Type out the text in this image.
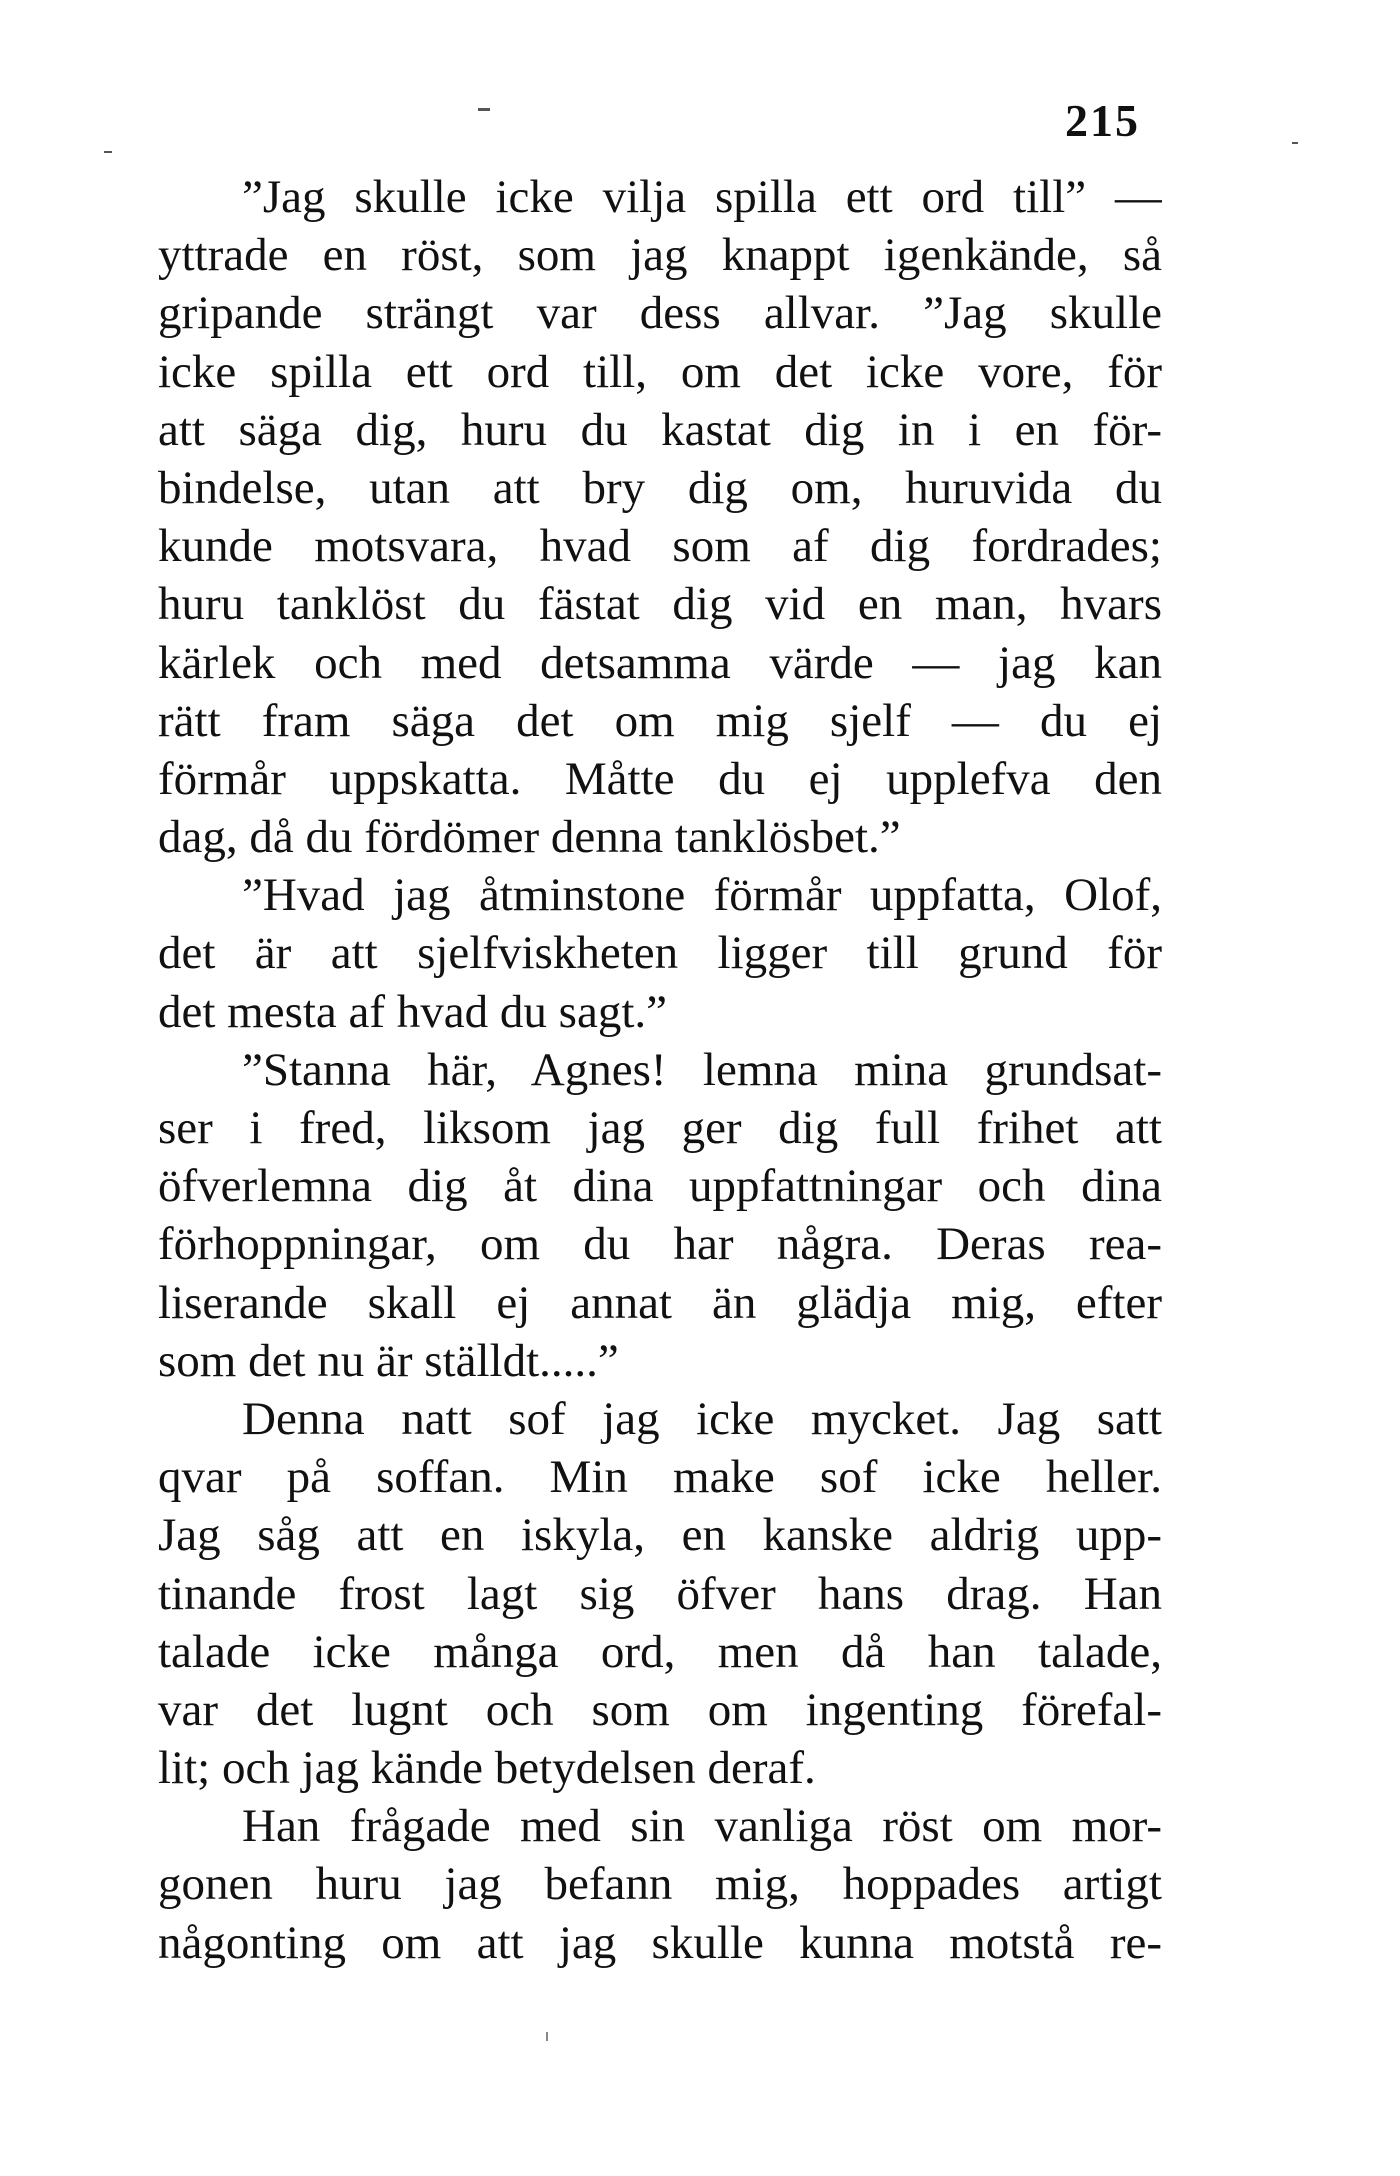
215
”Jag skulle icke vilja spilla ett ord till” —
yttrade en röst, som jag knappt igenkände, så
gripande strängt var dess allvar. ”Jag skulle
icke spilla ett ord till, om det icke vore, för
att säga dig, huru du kastat dig in i en för-
bindelse, utan att bry dig om, huruvida du
kunde motsvara, hvad som af dig fordrades;
huru tanklöst du fästat dig vid en man, hvars
kärlek och med detsamma värde — jag kan
rätt fram säga det om mig sjelf — du ej
förmår uppskatta. Måtte du ej upplefva den
dag, då du fördömer denna tanklösbet.”
”Hvad jag åtminstone förmår uppfatta, Olof,
det är att sjelfviskheten ligger till grund för
det mesta af hvad du sagt.”
”Stanna här, Agnes! lemna mina grundsat-
ser i fred, liksom jag ger dig full frihet att
öfverlemna dig åt dina uppfattningar och dina
förhoppningar, om du har några. Deras rea-
liserande skall ej annat än glädja mig, efter
som det nu är ställdt.....”
Denna natt sof jag icke mycket. Jag satt
qvar på soffan. Min make sof icke heller.
Jag såg att en iskyla, en kanske aldrig upp-
tinande frost lagt sig öfver hans drag. Han
talade icke många ord, men då han talade,
var det lugnt och som om ingenting förefal-
lit; och jag kände betydelsen deraf.
Han frågade med sin vanliga röst om mor-
gonen huru jag befann mig, hoppades artigt
någonting om att jag skulle kunna motstå re-
